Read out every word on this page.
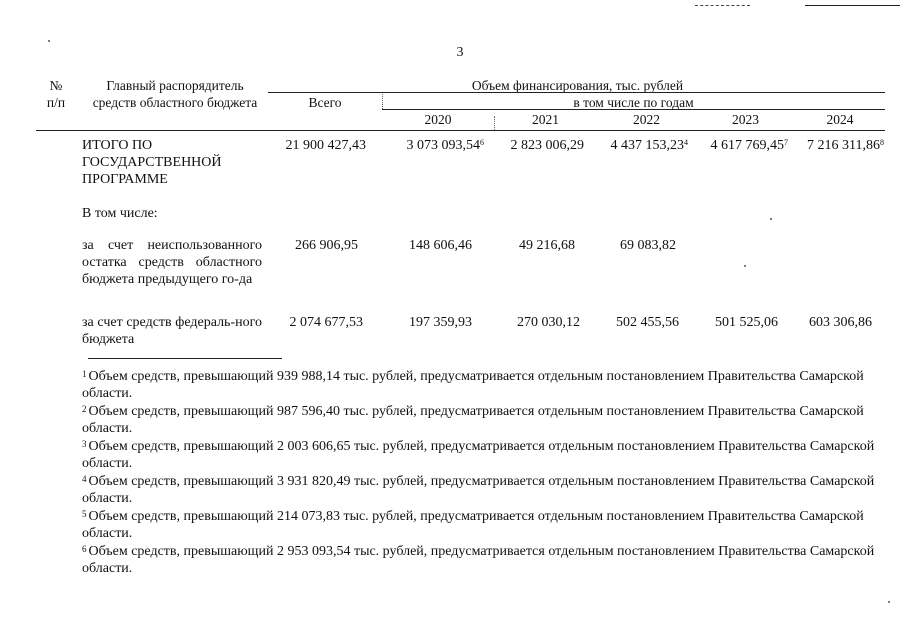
3
№
п/п
Главный распорядитель средств областного бюджета
Объем финансирования, тыс. рублей
Всего	в том числе по годам
2020	2021	2022	2023	2024
ИТОГО ПО ГОСУДАРСТВЕННОЙ ПРОГРАММЕ
21 900 427,43	3 073 093,54$^6$	2 823 006,29	4 437 153,23$^4$	4 617 769,45$^7$	7 216 311,86$^8$
В том числе:
за счет неиспользованного остатка средств областного бюджета предыдущего го-да
266 906,95	148 606,46	49 216,68	69 083,82
за счет средств федераль-ного бюджета
2 074 677,53	197 359,93	270 030,12	502 455,56	501 525,06	603 306,86
$^1$ Объем средств, превышающий 939 988,14 тыс. рублей, предусматривается отдельным постановлением Правительства Самарской области.
$^2$ Объем средств, превышающий 987 596,40 тыс. рублей, предусматривается отдельным постановлением Правительства Самарской области.
$^3$ Объем средств, превышающий 2 003 606,65 тыс. рублей, предусматривается отдельным постановлением Правительства Самарской области.
$^4$ Объем средств, превышающий 3 931 820,49 тыс. рублей, предусматривается отдельным постановлением Правительства Самарской области.
$^5$ Объем средств, превышающий 214 073,83 тыс. рублей, предусматривается отдельным постановлением Правительства Самарской области.
$^6$ Объем средств, превышающий 2 953 093,54 тыс. рублей, предусматривается отдельным постановлением Правительства Самарской области.
